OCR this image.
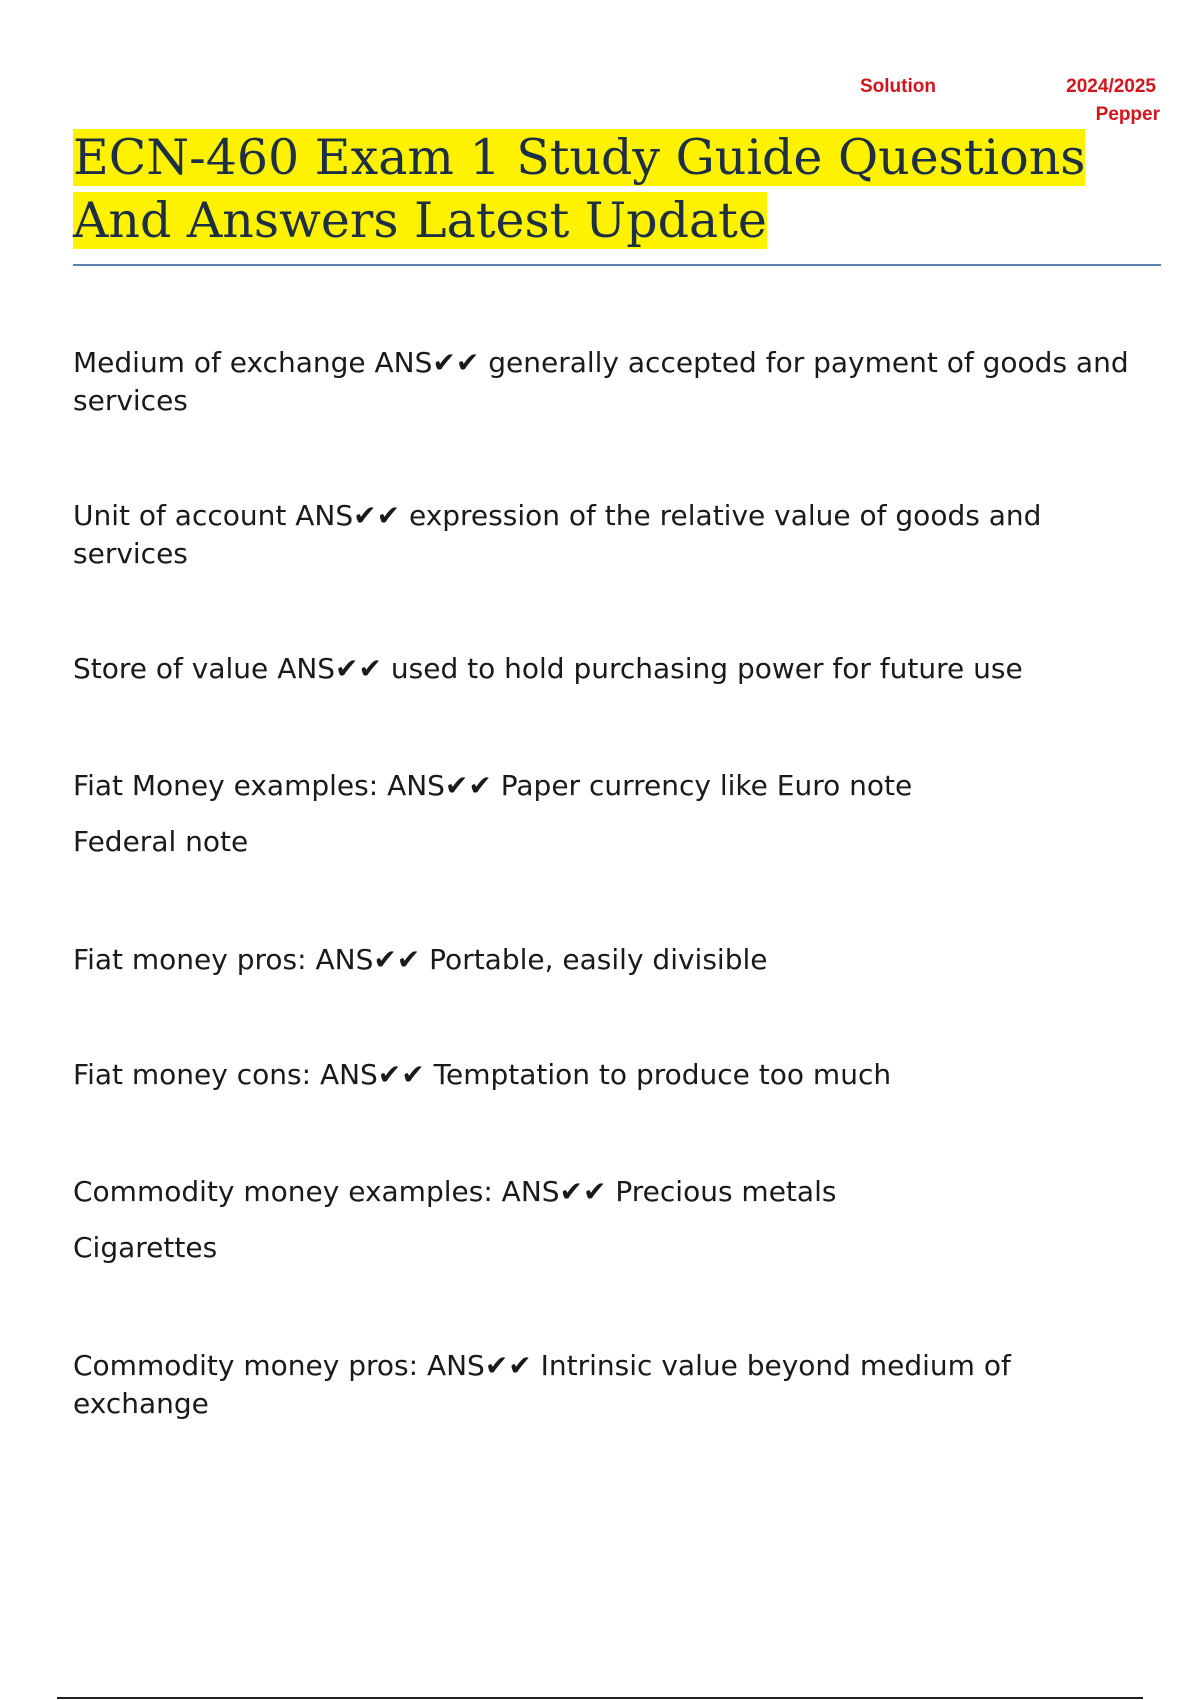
Solution	2024/2025
Pepper
ECN-460 Exam 1 Study Guide Questions And Answers Latest Update

Medium of exchange ANS✔✔ generally accepted for payment of goods and services

Unit of account ANS✔✔ expression of the relative value of goods and services

Store of value ANS✔✔ used to hold purchasing power for future use

Fiat Money examples: ANS✔✔ Paper currency like Euro note

Federal note

Fiat money pros: ANS✔✔ Portable, easily divisible

Fiat money cons: ANS✔✔ Temptation to produce too much

Commodity money examples: ANS✔✔ Precious metals

Cigarettes

Commodity money pros: ANS✔✔ Intrinsic value beyond medium of exchange
